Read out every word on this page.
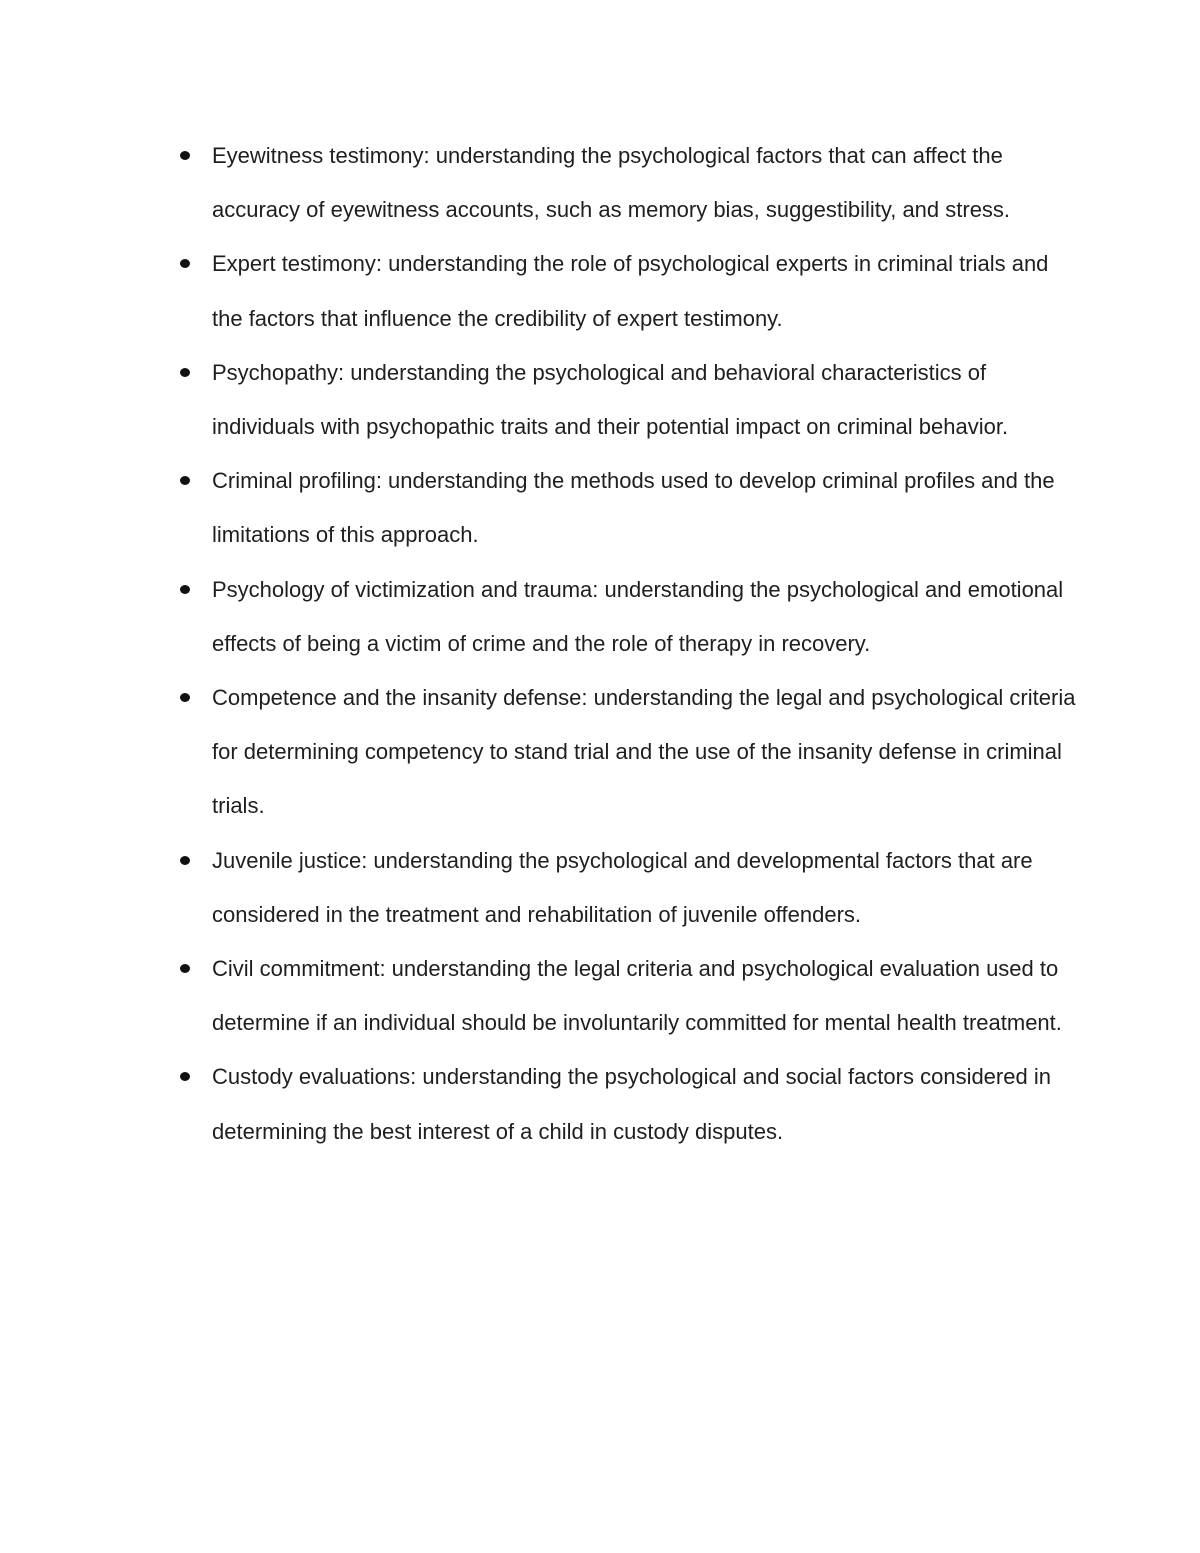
Eyewitness testimony: understanding the psychological factors that can affect the accuracy of eyewitness accounts, such as memory bias, suggestibility, and stress.
Expert testimony: understanding the role of psychological experts in criminal trials and the factors that influence the credibility of expert testimony.
Psychopathy: understanding the psychological and behavioral characteristics of individuals with psychopathic traits and their potential impact on criminal behavior.
Criminal profiling: understanding the methods used to develop criminal profiles and the limitations of this approach.
Psychology of victimization and trauma: understanding the psychological and emotional effects of being a victim of crime and the role of therapy in recovery.
Competence and the insanity defense: understanding the legal and psychological criteria for determining competency to stand trial and the use of the insanity defense in criminal trials.
Juvenile justice: understanding the psychological and developmental factors that are considered in the treatment and rehabilitation of juvenile offenders.
Civil commitment: understanding the legal criteria and psychological evaluation used to determine if an individual should be involuntarily committed for mental health treatment.
Custody evaluations: understanding the psychological and social factors considered in determining the best interest of a child in custody disputes.
